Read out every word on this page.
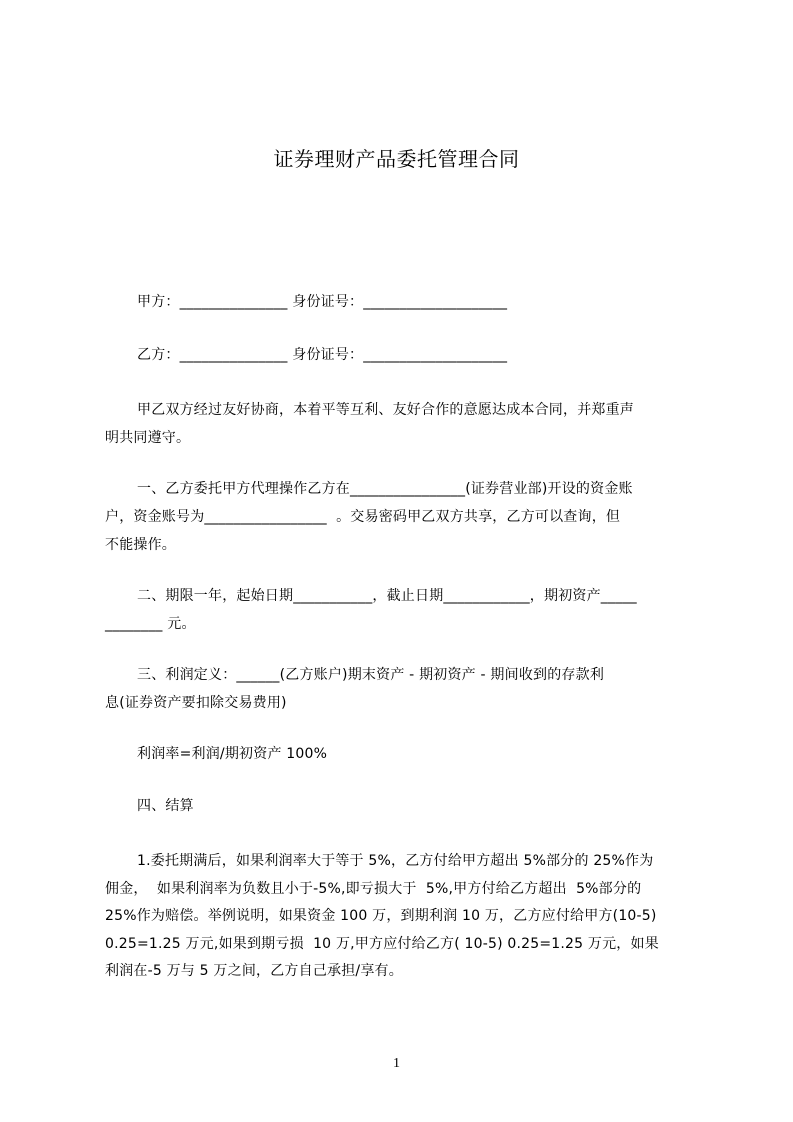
证券理财产品委托管理合同
甲方：_______________ 身份证号：____________________
乙方：_______________ 身份证号：____________________
甲乙双方经过友好协商，本着平等互利、友好合作的意愿达成本合同，并郑重声
明共同遵守。
一、乙方委托甲方代理操作乙方在________________(证券营业部)开设的资金账
户，资金账号为_________________  。交易密码甲乙双方共享，乙方可以查询，但
不能操作。
二、期限一年，起始日期___________，截止日期____________，期初资产_____
________ 元。
三、利润定义：______(乙方账户)期末资产 - 期初资产 - 期间收到的存款利
息(证券资产要扣除交易费用)
利润率=利润/期初资产 100%
四、结算
1.委托期满后，如果利润率大于等于 5%，乙方付给甲方超出 5%部分的 25%作为
佣金，  如果利润率为负数且小于-5%,即亏损大于  5%,甲方付给乙方超出  5%部分的
25%作为赔偿。举例说明，如果资金 100 万，到期利润 10 万，乙方应付给甲方(10-5)
0.25=1.25 万元,如果到期亏损  10 万,甲方应付给乙方( 10-5) 0.25=1.25 万元，如果
利润在-5 万与 5 万之间，乙方自己承担/享有。
1
